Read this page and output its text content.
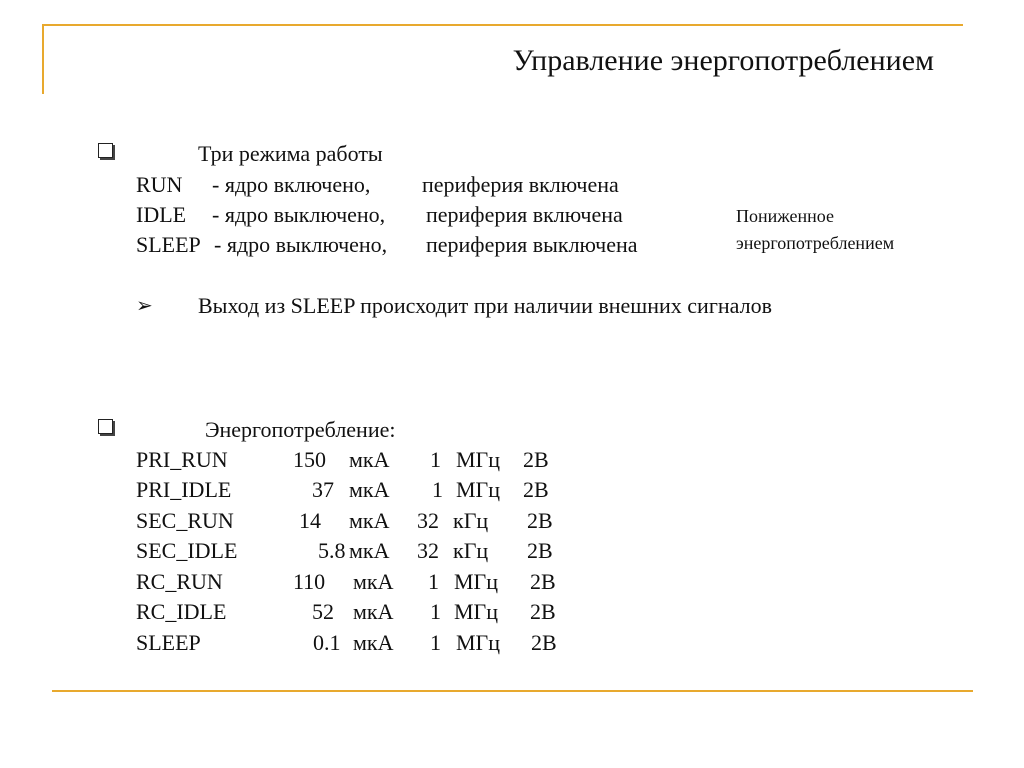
Управление энергопотреблением
Три режима работы
RUN - ядро включено, периферия включена
IDLE - ядро выключено, периферия включена
SLEEP - ядро выключено, периферия выключена
Пониженное
энергопотреблением
➢ Выход из SLEEP происходит при наличии внешних сигналов
Энергопотребление:
PRI_RUN	150 мкА 1 МГц 2В
PRI_IDLE	37 мкА 1 МГц 2В
SEC_RUN	14 мкА 32 кГц 2В
SEC_IDLE	5.8 мкА 32 кГц 2В
RC_RUN	110 мкА 1 МГц 2В
RC_IDLE	52 мкА 1 МГц 2В
SLEEP	0.1 мкА 1 МГц 2В
